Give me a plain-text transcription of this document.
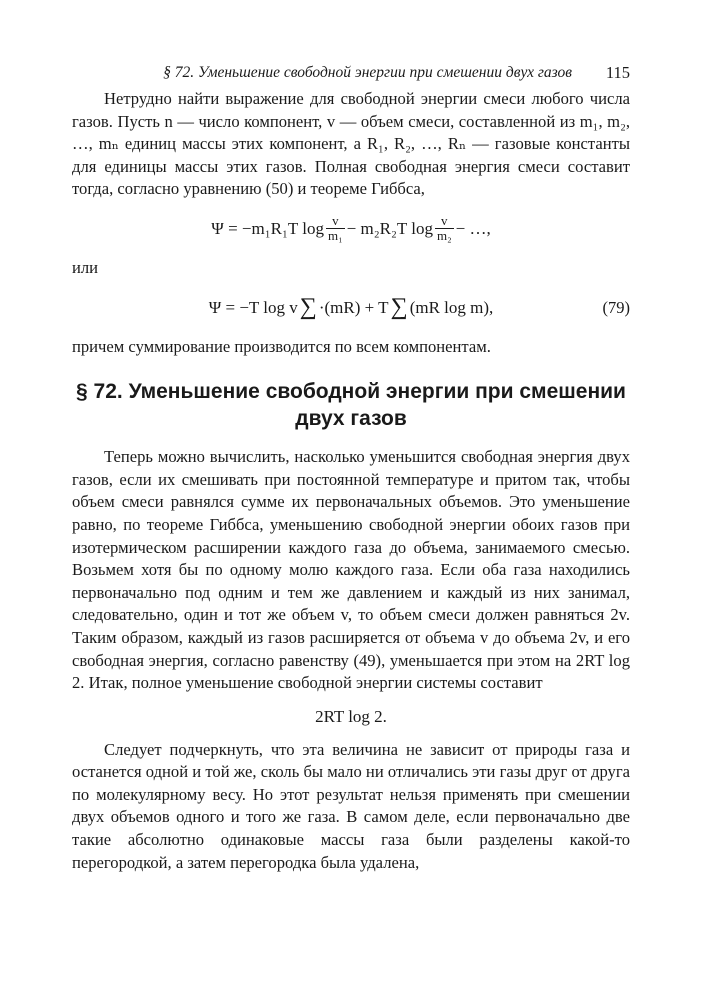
§ 72. Уменьшение свободной энергии при смешении двух газов 115

Нетрудно найти выражение для свободной энергии смеси любого числа газов. Пусть n — число компонент, v — объем смеси, составленной из m₁, m₂, …, mₙ единиц массы этих компонент, а R₁, R₂, …, Rₙ — газовые константы для единицы массы этих газов. Полная свободная энергия смеси составит тогда, согласно уравнению (50) и теореме Гиббса,

Ψ = −m₁R₁T $\log \frac{v}{\text{m₁}} - m_2R_2T$ $\log \frac{v}{\text{m₂}}$ − …,

или

Ψ = −T log v ∑ ·(mR) + T ∑ (mR log m),	(79)

причем суммирование производится по всем компонентам.

§ 72. Уменьшение свободной энергии при смешении
двух газов

Теперь можно вычислить, насколько уменьшится свободная энергия двух газов, если их смешивать при постоянной температуре и притом так, чтобы объем смеси равнялся сумме их первоначальных объемов. Это уменьшение равно, по теореме Гиббса, уменьшению свободной энергии обоих газов при изотермическом расширении каждого газа до объема, занимаемого смесью. Возьмем хотя бы по одному молю каждого газа. Если оба газа находились первоначально под одним и тем же давлением и каждый из них занимал, следовательно, один и тот же объем v, то объем смеси должен равняться 2v. Таким образом, каждый из газов расширяется от объема v до объема 2v, и его свободная энергия, согласно равенству (49), уменьшается при этом на 2RT log 2. Итак, полное уменьшение свободной энергии системы составит

2RT log 2.

Следует подчеркнуть, что эта величина не зависит от природы газа и останется одной и той же, сколь бы мало ни отличались эти газы друг от друга по молекулярному весу. Но этот результат нельзя применять при смешении двух объемов одного и того же газа. В самом деле, если первоначально две такие абсолютно одинаковые массы газа были разделены какой-то перегородкой, а затем перегородка была удалена,
